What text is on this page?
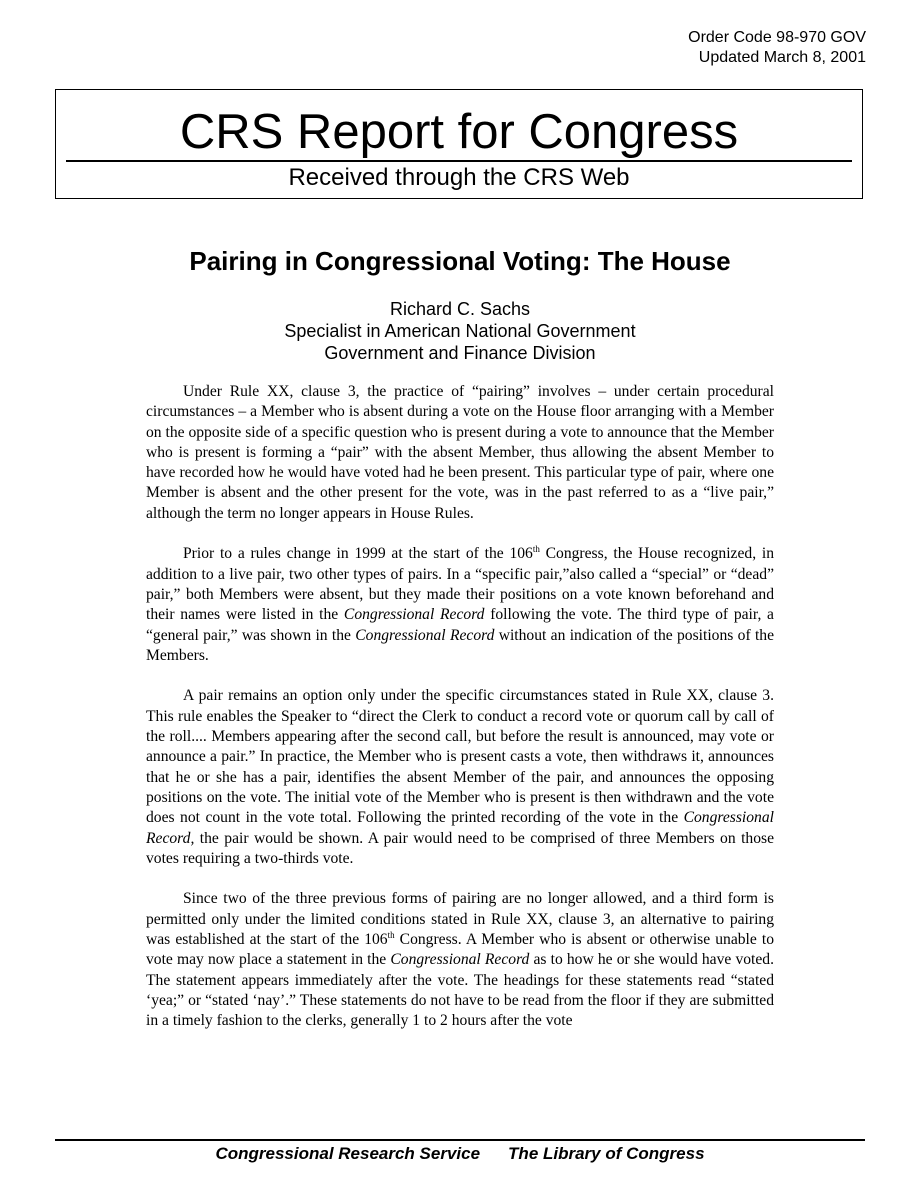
Order Code 98-970 GOV
Updated March 8, 2001
CRS Report for Congress
Received through the CRS Web
Pairing in Congressional Voting: The House
Richard C. Sachs
Specialist in American National Government
Government and Finance Division

Under Rule XX, clause 3, the practice of “pairing” involves – under certain procedural circumstances – a Member who is absent during a vote on the House floor arranging with a Member on the opposite side of a specific question who is present during a vote to announce that the Member who is present is forming a “pair” with the absent Member, thus allowing the absent Member to have recorded how he would have voted had he been present. This particular type of pair, where one Member is absent and the other present for the vote, was in the past referred to as a “live pair,” although the term no longer appears in House Rules.

Prior to a rules change in 1999 at the start of the 106th Congress, the House recognized, in addition to a live pair, two other types of pairs. In a “specific pair,”also called a “special” or “dead” pair,” both Members were absent, but they made their positions on a vote known beforehand and their names were listed in the Congressional Record following the vote. The third type of pair, a “general pair,” was shown in the Congressional Record without an indication of the positions of the Members.

A pair remains an option only under the specific circumstances stated in Rule XX, clause 3. This rule enables the Speaker to “direct the Clerk to conduct a record vote or quorum call by call of the roll.... Members appearing after the second call, but before the result is announced, may vote or announce a pair.” In practice, the Member who is present casts a vote, then withdraws it, announces that he or she has a pair, identifies the absent Member of the pair, and announces the opposing positions on the vote. The initial vote of the Member who is present is then withdrawn and the vote does not count in the vote total. Following the printed recording of the vote in the Congressional Record, the pair would be shown. A pair would need to be comprised of three Members on those votes requiring a two-thirds vote.

Since two of the three previous forms of pairing are no longer allowed, and a third form is permitted only under the limited conditions stated in Rule XX, clause 3, an alternative to pairing was established at the start of the 106th Congress. A Member who is absent or otherwise unable to vote may now place a statement in the Congressional Record as to how he or she would have voted. The statement appears immediately after the vote. The headings for these statements read “stated ‘yea;” or “stated ‘nay’.” These statements do not have to be read from the floor if they are submitted in a timely fashion to the clerks, generally 1 to 2 hours after the vote

Congressional Research Service The Library of Congress
